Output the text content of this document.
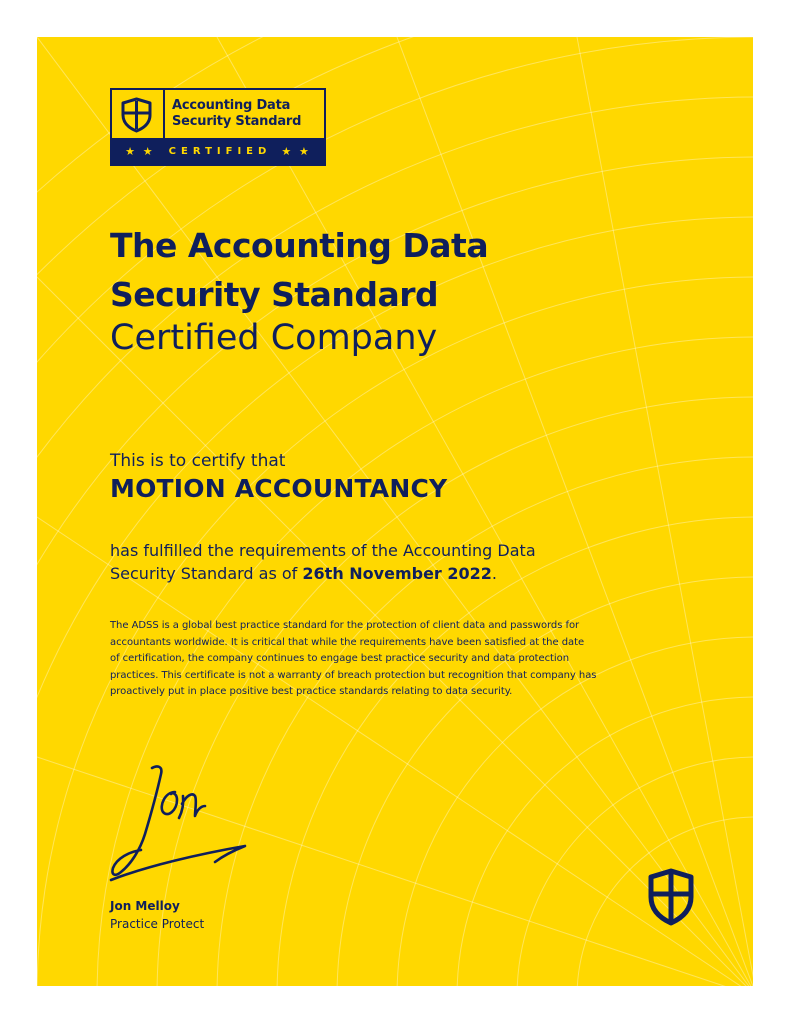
Accounting Data
Security Standard
★ ★ CERTIFIED ★ ★
The Accounting Data
Security Standard
Certified Company
This is to certify that
MOTION ACCOUNTANCY
has fulfilled the requirements of the Accounting Data
Security Standard as of 26th November 2022.
The ADSS is a global best practice standard for the protection of client data and passwords for
accountants worldwide. It is critical that while the requirements have been satisfied at the date
of certification, the company continues to engage best practice security and data protection
practices. This certificate is not a warranty of breach protection but recognition that company has
proactively put in place positive best practice standards relating to data security.
Jon Melloy
Practice Protect
